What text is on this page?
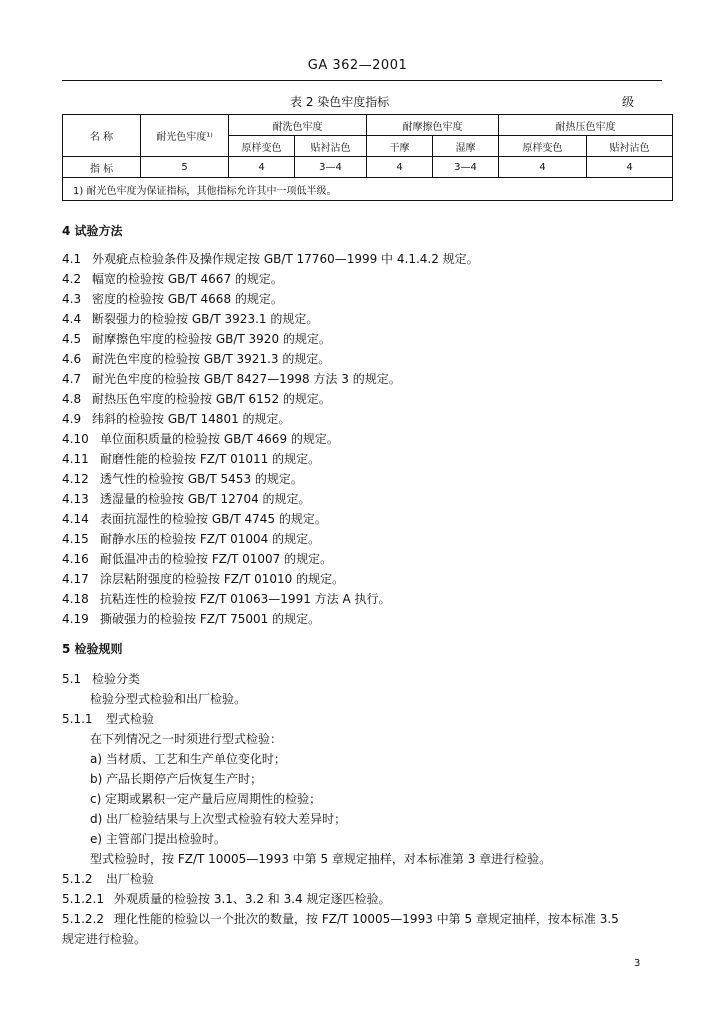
GA 362—2001
表 2 染色牢度指标	级
名 称	耐光色牢度¹⁾	耐洗色牢度		耐摩擦色牢度		耐热压色牢度	
		原样变色	贴衬沾色	干摩	湿摩	原样变色	贴衬沾色
指 标	5	4	3—4	4	3—4	4	4
1) 耐光色牢度为保证指标，其他指标允许其中一项低半级。							
4 试验方法
4.1 外观疵点检验条件及操作规定按 GB/T 17760—1999 中 4.1.4.2 规定。
4.2 幅宽的检验按 GB/T 4667 的规定。
4.3 密度的检验按 GB/T 4668 的规定。
4.4 断裂强力的检验按 GB/T 3923.1 的规定。
4.5 耐摩擦色牢度的检验按 GB/T 3920 的规定。
4.6 耐洗色牢度的检验按 GB/T 3921.3 的规定。
4.7 耐光色牢度的检验按 GB/T 8427—1998 方法 3 的规定。
4.8 耐热压色牢度的检验按 GB/T 6152 的规定。
4.9 纬斜的检验按 GB/T 14801 的规定。
4.10 单位面积质量的检验按 GB/T 4669 的规定。
4.11 耐磨性能的检验按 FZ/T 01011 的规定。
4.12 透气性的检验按 GB/T 5453 的规定。
4.13 透湿量的检验按 GB/T 12704 的规定。
4.14 表面抗湿性的检验按 GB/T 4745 的规定。
4.15 耐静水压的检验按 FZ/T 01004 的规定。
4.16 耐低温冲击的检验按 FZ/T 01007 的规定。
4.17 涂层粘附强度的检验按 FZ/T 01010 的规定。
4.18 抗粘连性的检验按 FZ/T 01063—1991 方法 A 执行。
4.19 撕破强力的检验按 FZ/T 75001 的规定。
5 检验规则
5.1 检验分类
检验分型式检验和出厂检验。
5.1.1 型式检验
在下列情况之一时须进行型式检验：
a) 当材质、工艺和生产单位变化时；
b) 产品长期停产后恢复生产时；
c) 定期或累积一定产量后应周期性的检验；
d) 出厂检验结果与上次型式检验有较大差异时；
e) 主管部门提出检验时。
型式检验时，按 FZ/T 10005—1993 中第 5 章规定抽样，对本标准第 3 章进行检验。
5.1.2 出厂检验
5.1.2.1 外观质量的检验按 3.1、3.2 和 3.4 规定逐匹检验。
5.1.2.2 理化性能的检验以一个批次的数量，按 FZ/T 10005—1993 中第 5 章规定抽样，按本标准 3.5
规定进行检验。
3
